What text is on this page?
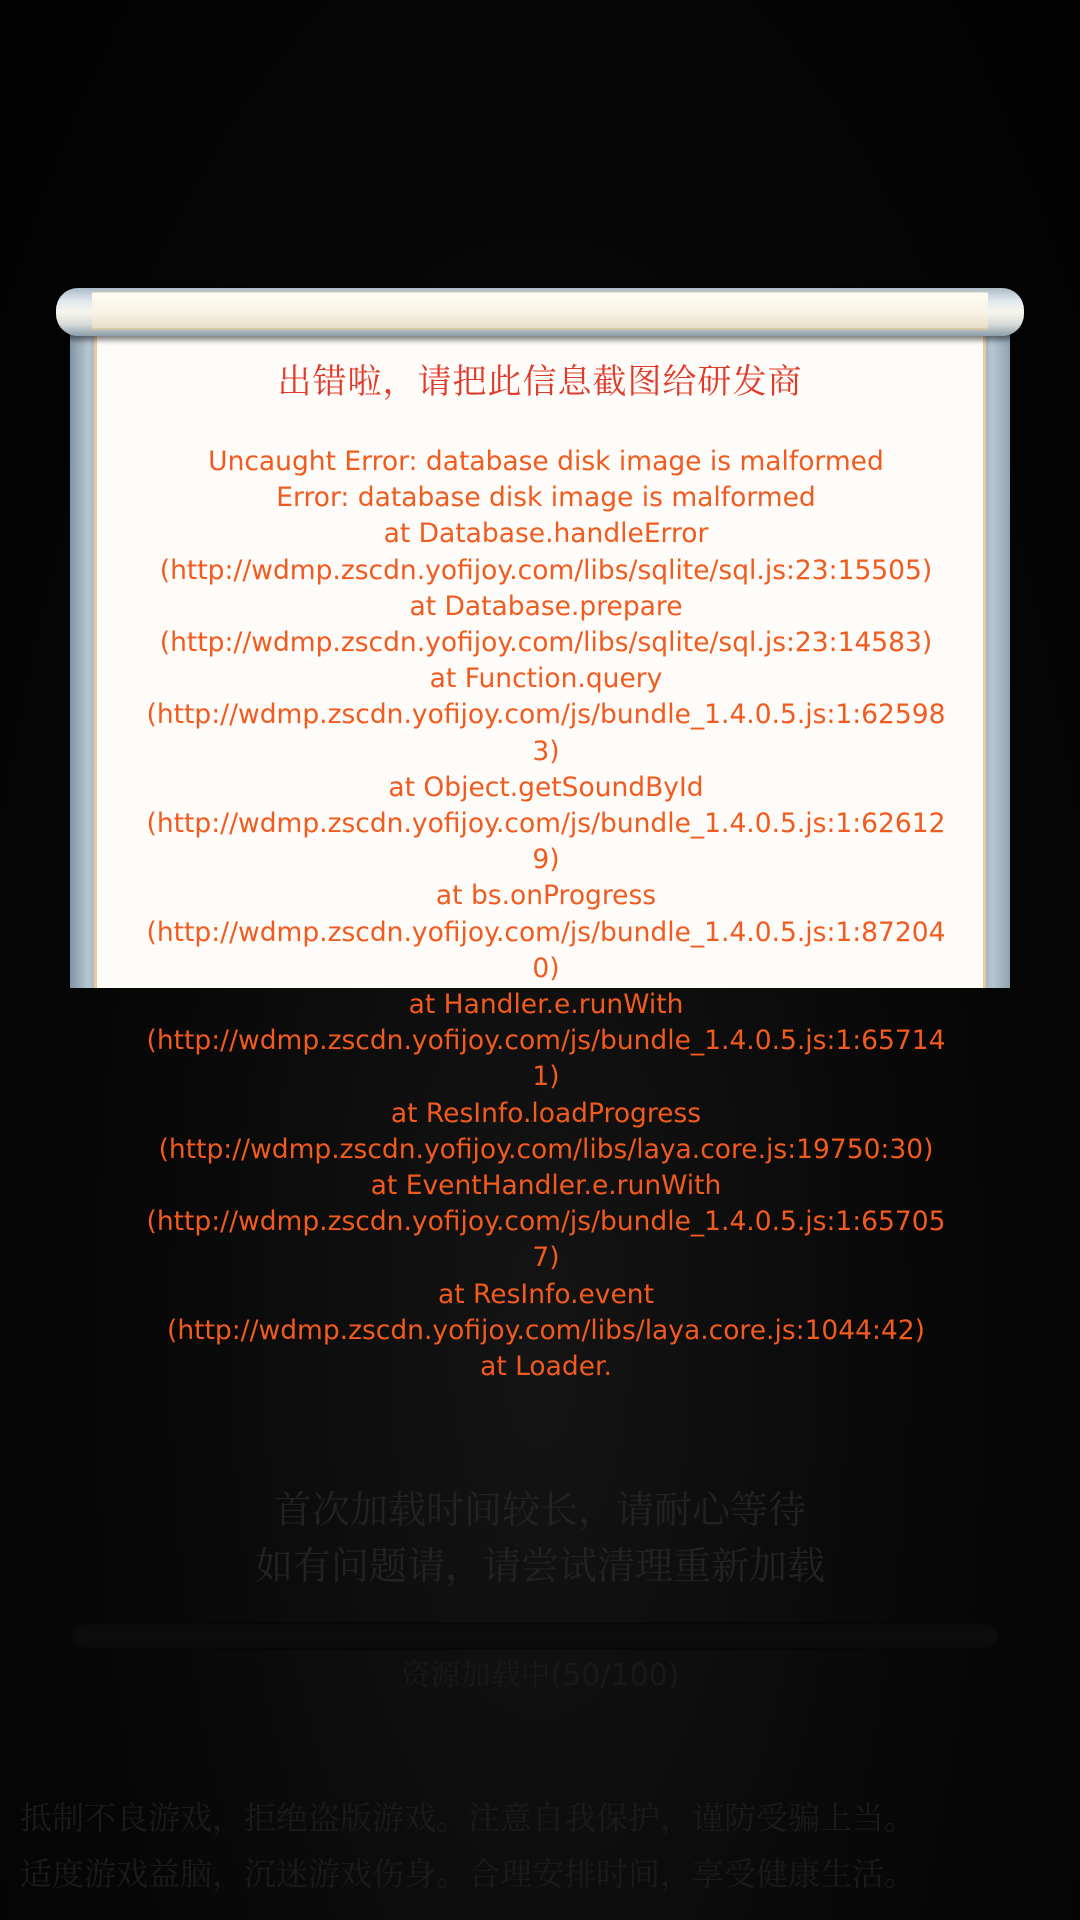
首次加载时间较长，请耐心等待
如有问题请，请尝试清理重新加载
资源加载中(50/100)
抵制不良游戏，拒绝盗版游戏。注意自我保护，谨防受骗上当。
适度游戏益脑，沉迷游戏伤身。合理安排时间，享受健康生活。
出错啦，请把此信息截图给研发商
Uncaught Error: database disk image is malformed
Error: database disk image is malformed
at Database.handleError
(http://wdmp.zscdn.yofijoy.com/libs/sqlite/sql.js:23:15505)
at Database.prepare
(http://wdmp.zscdn.yofijoy.com/libs/sqlite/sql.js:23:14583)
at Function.query
(http://wdmp.zscdn.yofijoy.com/js/bundle_1.4.0.5.js:1:62598
3)
at Object.getSoundById
(http://wdmp.zscdn.yofijoy.com/js/bundle_1.4.0.5.js:1:62612
9)
at bs.onProgress
(http://wdmp.zscdn.yofijoy.com/js/bundle_1.4.0.5.js:1:87204
0)
at Handler.e.runWith
(http://wdmp.zscdn.yofijoy.com/js/bundle_1.4.0.5.js:1:65714
1)
at ResInfo.loadProgress
(http://wdmp.zscdn.yofijoy.com/libs/laya.core.js:19750:30)
at EventHandler.e.runWith
(http://wdmp.zscdn.yofijoy.com/js/bundle_1.4.0.5.js:1:65705
7)
at ResInfo.event
(http://wdmp.zscdn.yofijoy.com/libs/laya.core.js:1044:42)
at Loader.
